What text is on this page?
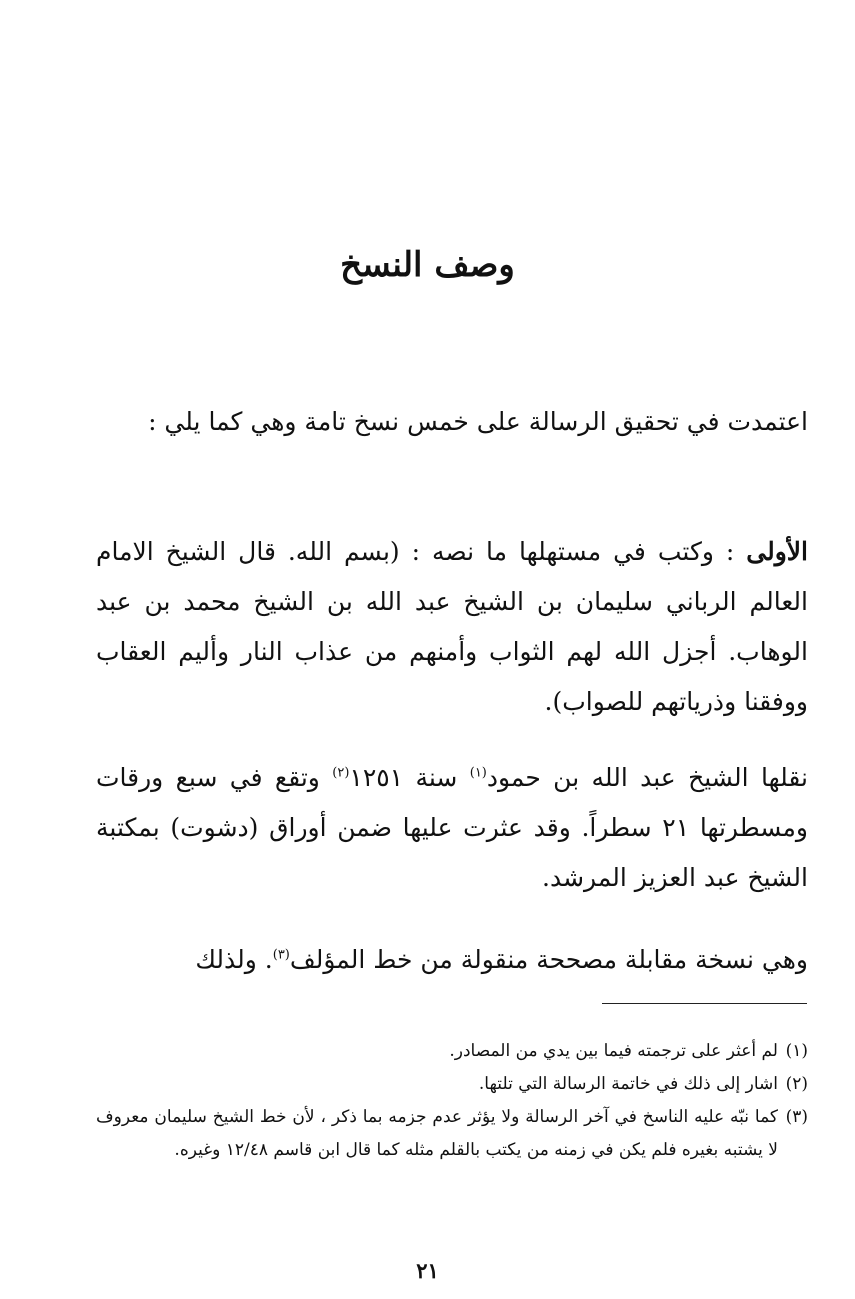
وصف النسخ

اعتمدت في تحقيق الرسالة على خمس نسخ تامة وهي كما يلي :

الأولى : وكتب في مستهلها ما نصه : (بسم الله. قال الشيخ الامام العالم الرباني سليمان بن الشيخ عبد الله بن الشيخ محمد بن عبد الوهاب. أجزل الله لهم الثواب وأمنهم من عذاب النار وأليم العقاب ووفقنا وذرياتهم للصواب).

نقلها الشيخ عبد الله بن حمود$^{(١)}$ سنة ١٢٥١$^{(٢)}$ وتقع في سبع ورقات ومسطرتها ٢١ سطراً. وقد عثرت عليها ضمن أوراق (دشوت) بمكتبة الشيخ عبد العزيز المرشد.

وهي نسخة مقابلة مصححة منقولة من خط المؤلف$^{(٣)}$. ولذلك

(١)
لم أعثر على ترجمته فيما بين يدي من المصادر.
(٢)
اشار إلى ذلك في خاتمة الرسالة التي تلتها.
(٣)
كما نبّه عليه الناسخ في آخر الرسالة ولا يؤثر عدم جزمه بما ذكر ، لأن خط الشيخ سليمان معروف لا يشتبه بغيره فلم يكن في زمنه من يكتب بالقلم مثله كما قال ابن قاسم ١٢/٤٨ وغيره.
٢١
